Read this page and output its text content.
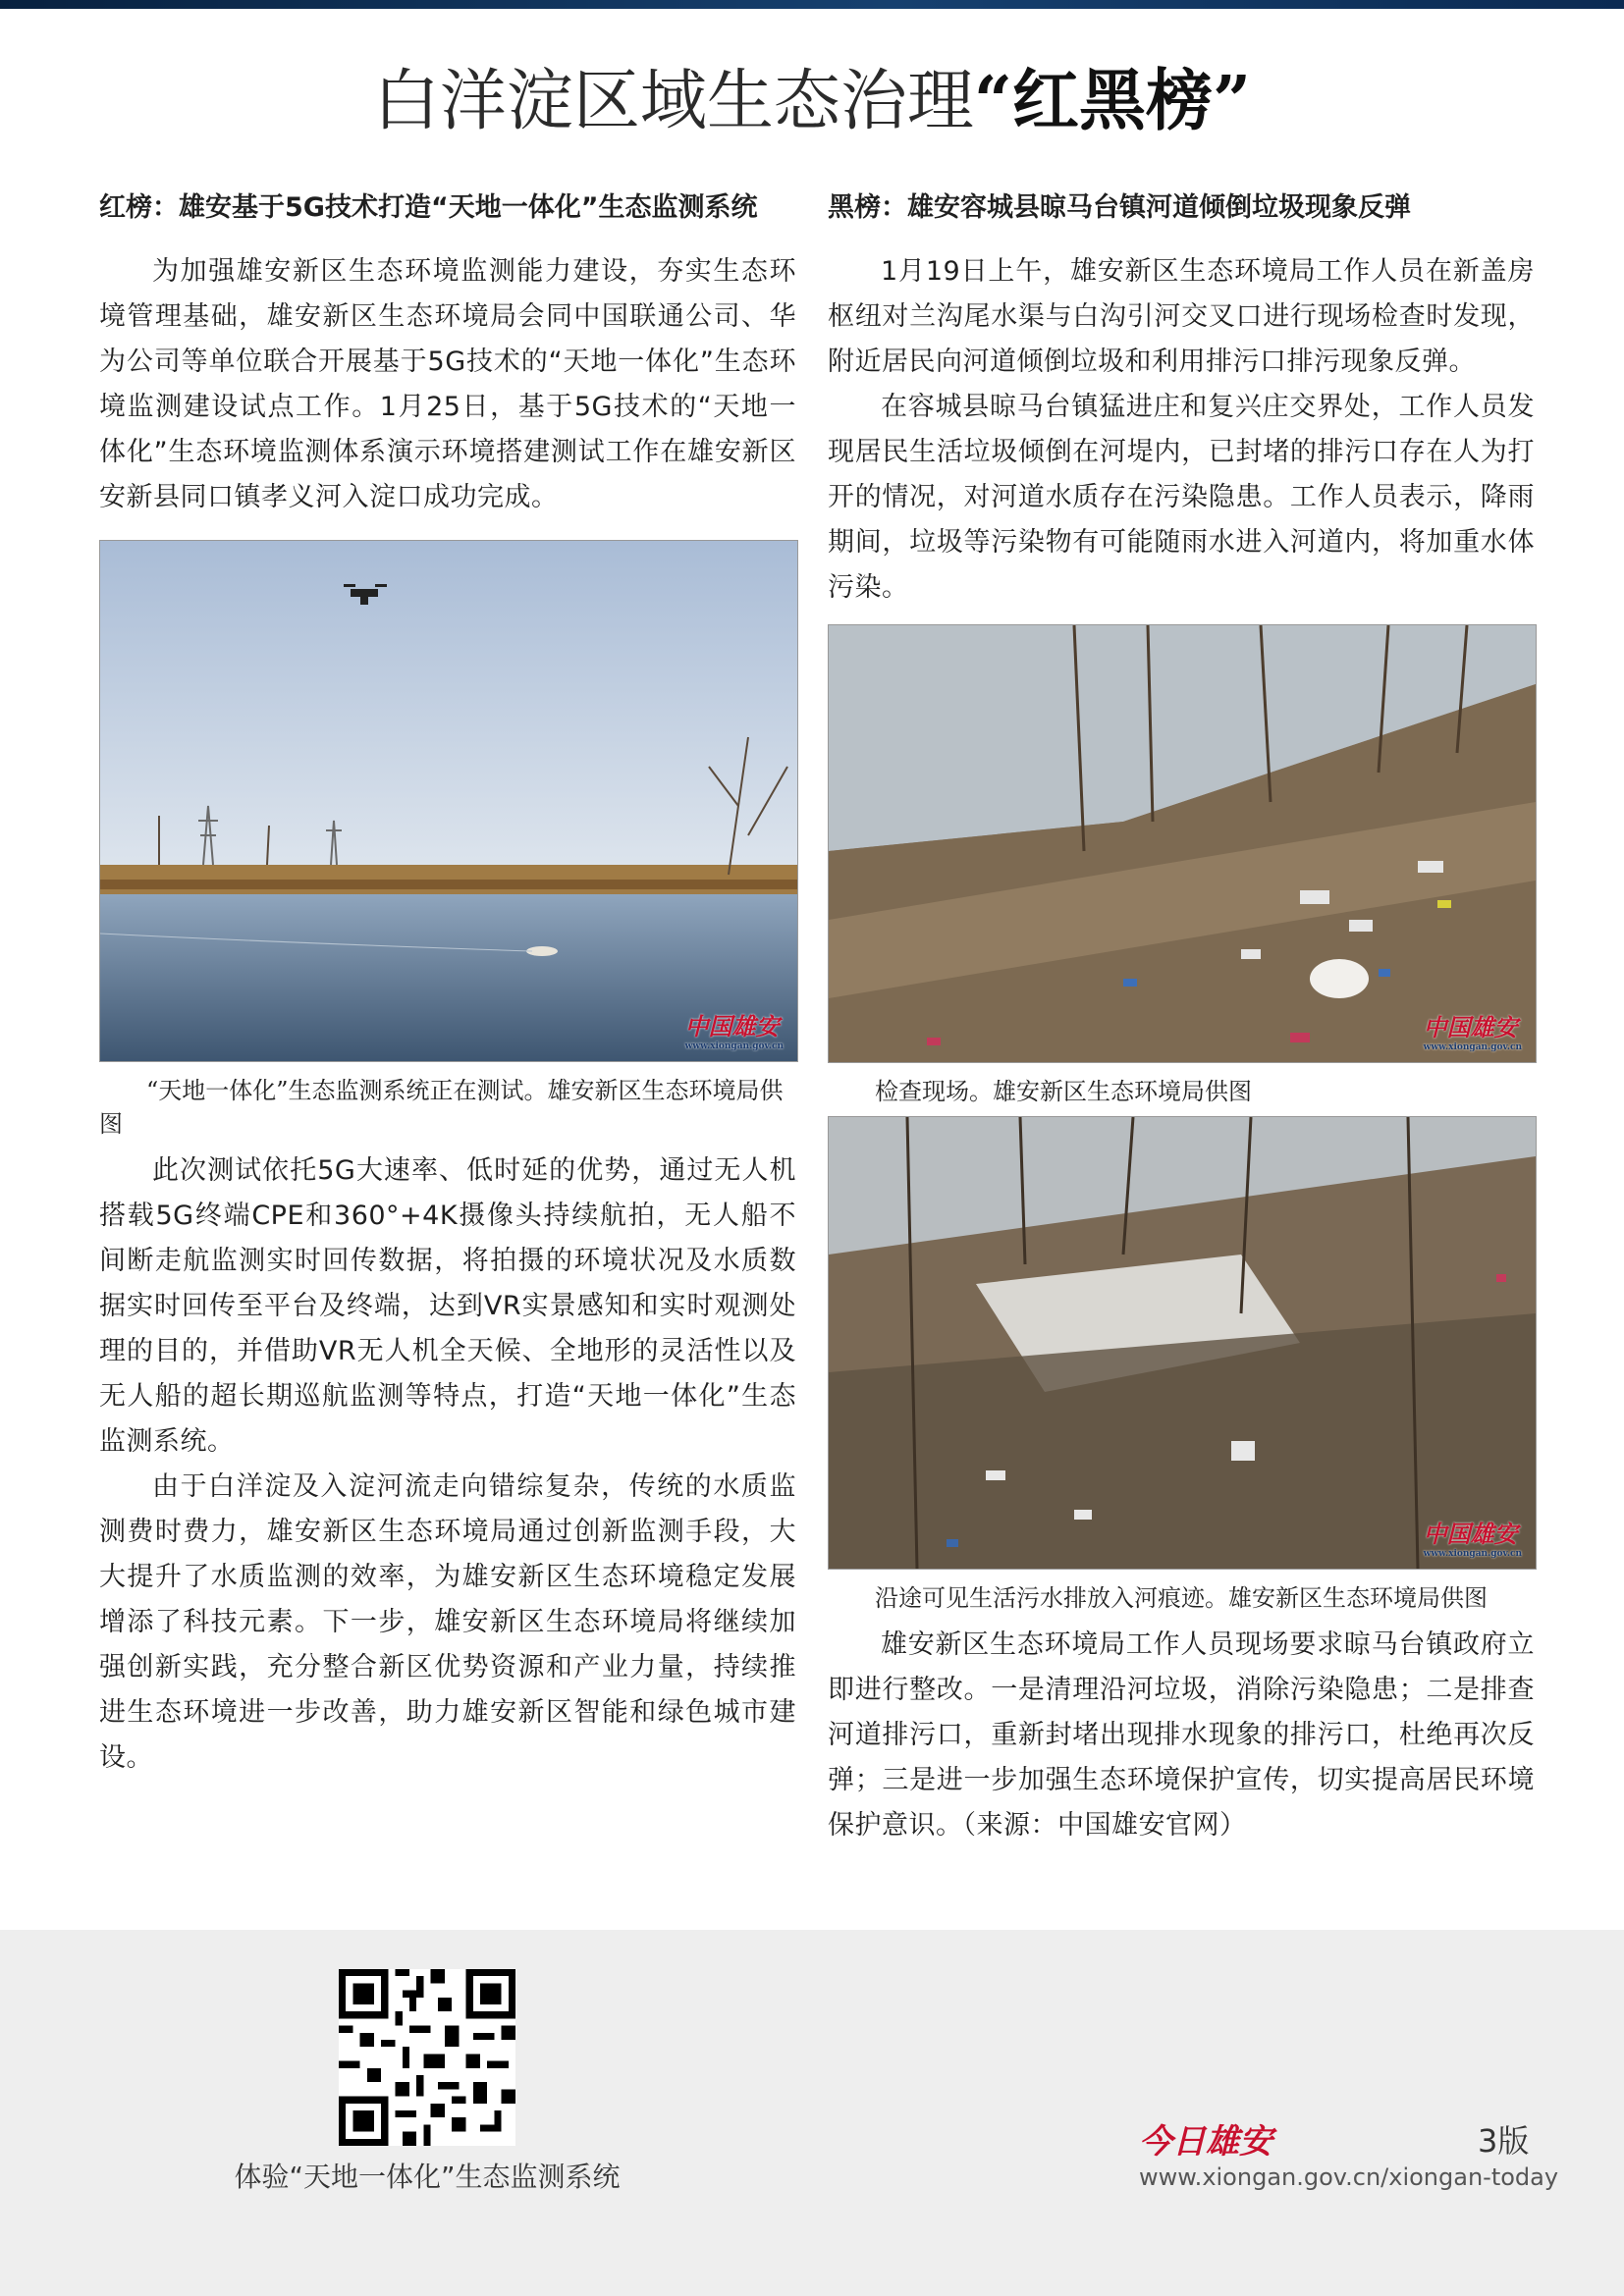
白洋淀区域生态治理“红黑榜”
红榜：雄安基于5G技术打造“天地一体化”生态监测系统

为加强雄安新区生态环境监测能力建设，夯实生态环境管理基础，雄安新区生态环境局会同中国联通公司、华为公司等单位联合开展基于5G技术的“天地一体化”生态环境监测建设试点工作。1月25日，基于5G技术的“天地一体化”生态环境监测体系演示环境搭建测试工作在雄安新区安新县同口镇孝义河入淀口成功完成。

中国雄安
www.xiongan.gov.cn
“天地一体化”生态监测系统正在测试。雄安新区生态环境局供图

此次测试依托5G大速率、低时延的优势，通过无人机搭载5G终端CPE和360°+4K摄像头持续航拍，无人船不间断走航监测实时回传数据，将拍摄的环境状况及水质数据实时回传至平台及终端，达到VR实景感知和实时观测处理的目的，并借助VR无人机全天候、全地形的灵活性以及无人船的超长期巡航监测等特点，打造“天地一体化”生态监测系统。

由于白洋淀及入淀河流走向错综复杂，传统的水质监测费时费力，雄安新区生态环境局通过创新监测手段，大大提升了水质监测的效率，为雄安新区生态环境稳定发展增添了科技元素。下一步，雄安新区生态环境局将继续加强创新实践，充分整合新区优势资源和产业力量，持续推进生态环境进一步改善，助力雄安新区智能和绿色城市建设。

黑榜：雄安容城县晾马台镇河道倾倒垃圾现象反弹

1月19日上午，雄安新区生态环境局工作人员在新盖房枢纽对兰沟尾水渠与白沟引河交叉口进行现场检查时发现，附近居民向河道倾倒垃圾和利用排污口排污现象反弹。

在容城县晾马台镇猛进庄和复兴庄交界处，工作人员发现居民生活垃圾倾倒在河堤内，已封堵的排污口存在人为打开的情况，对河道水质存在污染隐患。工作人员表示，降雨期间，垃圾等污染物有可能随雨水进入河道内，将加重水体污染。

中国雄安
www.xiongan.gov.cn
检查现场。雄安新区生态环境局供图
中国雄安
www.xiongan.gov.cn
沿途可见生活污水排放入河痕迹。雄安新区生态环境局供图

雄安新区生态环境局工作人员现场要求晾马台镇政府立即进行整改。一是清理沿河垃圾，消除污染隐患；二是排查河道排污口，重新封堵出现排水现象的排污口，杜绝再次反弹；三是进一步加强生态环境保护宣传，切实提高居民环境保护意识。（来源：中国雄安官网）

体验“天地一体化”生态监测系统
今日雄安	3版
www.xiongan.gov.cn/xiongan-today
